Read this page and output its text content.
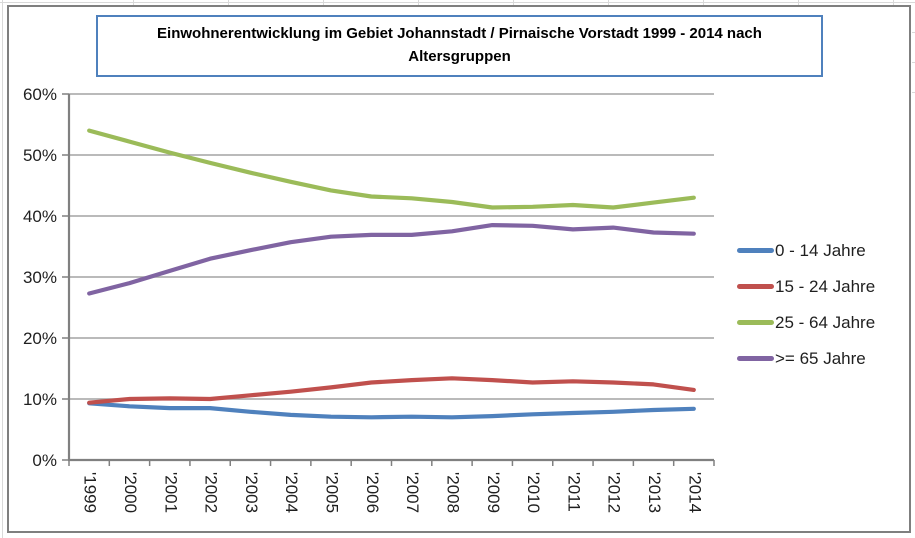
Einwohnerentwicklung im Gebiet Johannstadt / Pirnaische Vorstadt 1999 - 2014 nach
Altersgruppen
0%
10%
20%
30%
40%
50%
60%
'1999 '2000 '2001 '2002 '2003 '2004 '2005 '2006 '2007 '2008 '2009 '2010 '2011 '2012 '2013 '2014
0 - 14 Jahre
15 - 24 Jahre
25 - 64 Jahre
>= 65 Jahre
